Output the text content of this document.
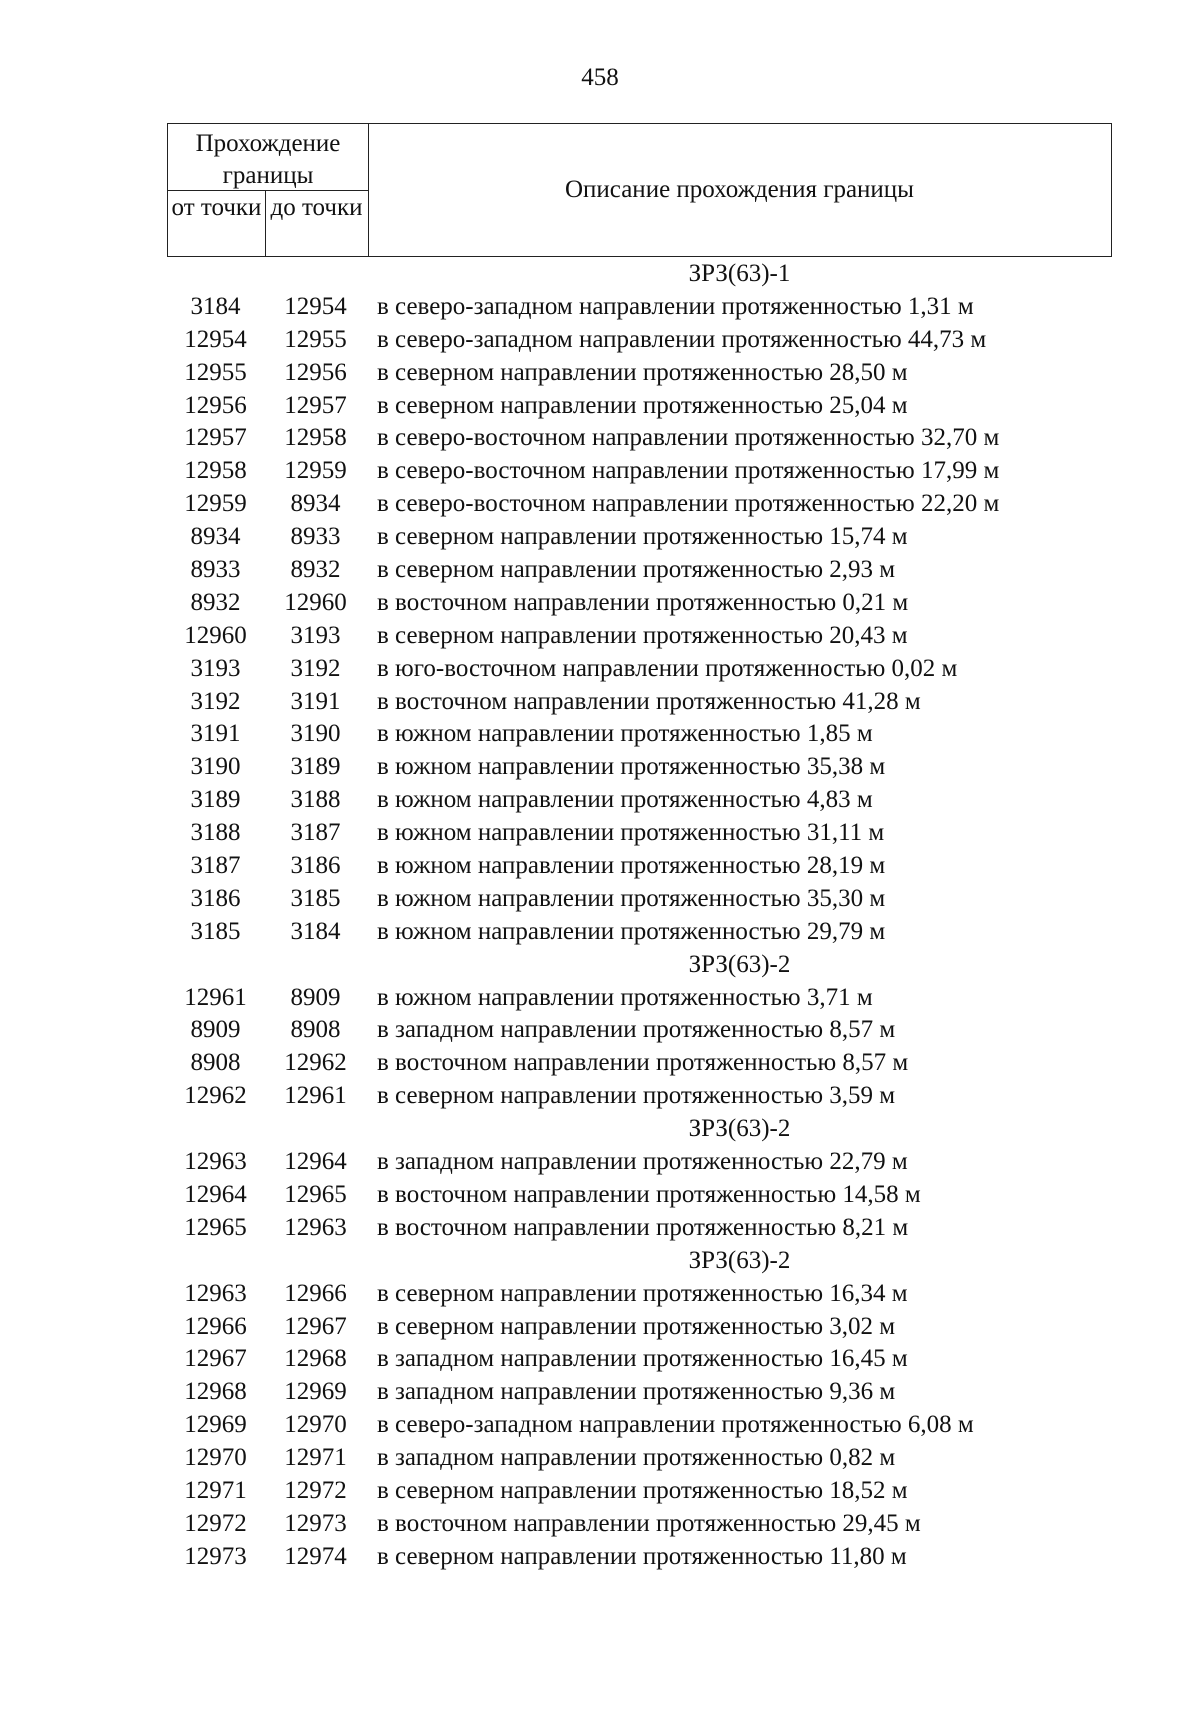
458
Прохождение границы
от точки до точки
Описание прохождения границы
ЗРЗ(63)-1
3184	12954	в северо-западном направлении протяженностью 1,31 м
12954	12955	в северо-западном направлении протяженностью 44,73 м
12955	12956	в северном направлении протяженностью 28,50 м
12956	12957	в северном направлении протяженностью 25,04 м
12957	12958	в северо-восточном направлении протяженностью 32,70 м
12958	12959	в северо-восточном направлении протяженностью 17,99 м
12959	8934	в северо-восточном направлении протяженностью 22,20 м
8934	8933	в северном направлении протяженностью 15,74 м
8933	8932	в северном направлении протяженностью 2,93 м
8932	12960	в восточном направлении протяженностью 0,21 м
12960	3193	в северном направлении протяженностью 20,43 м
3193	3192	в юго-восточном направлении протяженностью 0,02 м
3192	3191	в восточном направлении протяженностью 41,28 м
3191	3190	в южном направлении протяженностью 1,85 м
3190	3189	в южном направлении протяженностью 35,38 м
3189	3188	в южном направлении протяженностью 4,83 м
3188	3187	в южном направлении протяженностью 31,11 м
3187	3186	в южном направлении протяженностью 28,19 м
3186	3185	в южном направлении протяженностью 35,30 м
3185	3184	в южном направлении протяженностью 29,79 м
ЗРЗ(63)-2
12961	8909	в южном направлении протяженностью 3,71 м
8909	8908	в западном направлении протяженностью 8,57 м
8908	12962	в восточном направлении протяженностью 8,57 м
12962	12961	в северном направлении протяженностью 3,59 м
ЗРЗ(63)-2
12963	12964	в западном направлении протяженностью 22,79 м
12964	12965	в восточном направлении протяженностью 14,58 м
12965	12963	в восточном направлении протяженностью 8,21 м
ЗРЗ(63)-2
12963	12966	в северном направлении протяженностью 16,34 м
12966	12967	в северном направлении протяженностью 3,02 м
12967	12968	в западном направлении протяженностью 16,45 м
12968	12969	в западном направлении протяженностью 9,36 м
12969	12970	в северо-западном направлении протяженностью 6,08 м
12970	12971	в западном направлении протяженностью 0,82 м
12971	12972	в северном направлении протяженностью 18,52 м
12972	12973	в восточном направлении протяженностью 29,45 м
12973	12974	в северном направлении протяженностью 11,80 м
